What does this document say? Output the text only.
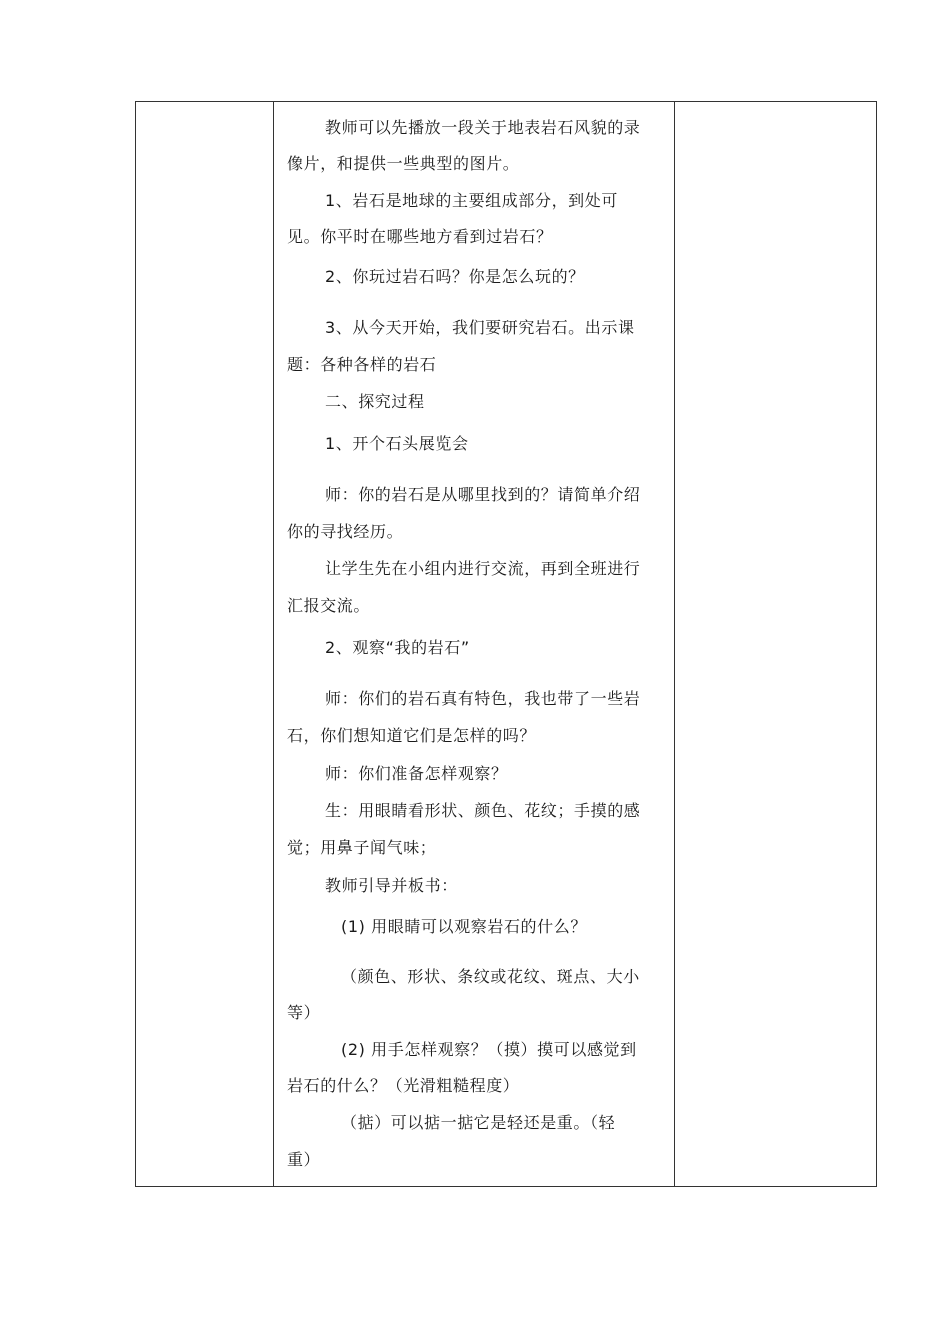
教师可以先播放一段关于地表岩石风貌的录
像片，和提供一些典型的图片。
1、岩石是地球的主要组成部分，到处可
见。你平时在哪些地方看到过岩石？
2、你玩过岩石吗？你是怎么玩的？
3、从今天开始，我们要研究岩石。出示课
题：各种各样的岩石
二、探究过程
1、开个石头展览会
师：你的岩石是从哪里找到的？请简单介绍
你的寻找经历。
让学生先在小组内进行交流，再到全班进行
汇报交流。
2、观察“我的岩石”
师：你们的岩石真有特色，我也带了一些岩
石，你们想知道它们是怎样的吗？
师：你们准备怎样观察？
生：用眼睛看形状、颜色、花纹；手摸的感
觉；用鼻子闻气味；
教师引导并板书：
(1) 用眼睛可以观察岩石的什么？
（颜色、形状、条纹或花纹、斑点、大小
等）
(2) 用手怎样观察？（摸）摸可以感觉到
岩石的什么？（光滑粗糙程度）
（掂）可以掂一掂它是轻还是重。（轻
重）
